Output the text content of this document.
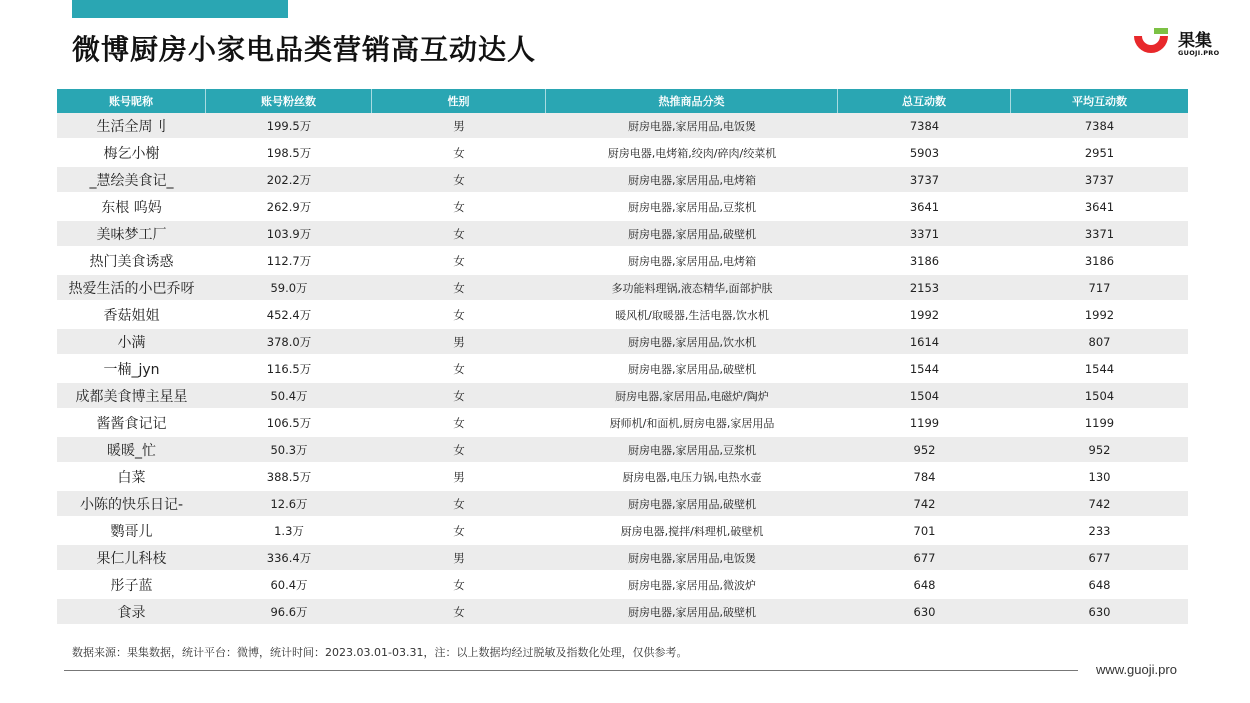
微博厨房小家电品类营销高互动达人	果集
GUOJI.PRO
账号昵称	账号粉丝数	性别	热推商品分类	总互动数	平均互动数
生活全周刂	199.5万	男	厨房电器,家居用品,电饭煲	7384	7384
梅乞小榭	198.5万	女	厨房电器,电烤箱,绞肉/碎肉/绞菜机	5903	2951
_慧绘美食记_	202.2万	女	厨房电器,家居用品,电烤箱	3737	3737
东根 呜妈	262.9万	女	厨房电器,家居用品,豆浆机	3641	3641
美味梦工厂	103.9万	女	厨房电器,家居用品,破壁机	3371	3371
热门美食诱惑	112.7万	女	厨房电器,家居用品,电烤箱	3186	3186
热爱生活的小巴乔呀	59.0万	女	多功能料理锅,液态精华,面部护肤	2153	717
香菇姐姐	452.4万	女	暖风机/取暖器,生活电器,饮水机	1992	1992
小满	378.0万	男	厨房电器,家居用品,饮水机	1614	807
一楠_jyn	116.5万	女	厨房电器,家居用品,破壁机	1544	1544
成都美食博主星星	50.4万	女	厨房电器,家居用品,电磁炉/陶炉	1504	1504
酱酱食记记	106.5万	女	厨师机/和面机,厨房电器,家居用品	1199	1199
暖暖_忙	50.3万	女	厨房电器,家居用品,豆浆机	952	952
白菜	388.5万	男	厨房电器,电压力锅,电热水壶	784	130
小陈的快乐日记-	12.6万	女	厨房电器,家居用品,破壁机	742	742
鹦哥儿	1.3万	女	厨房电器,搅拌/料理机,破壁机	701	233
果仁儿科枝	336.4万	男	厨房电器,家居用品,电饭煲	677	677
彤子蓝	60.4万	女	厨房电器,家居用品,微波炉	648	648
食录	96.6万	女	厨房电器,家居用品,破壁机	630	630
数据来源：果集数据，统计平台：微博，统计时间：2023.03.01-03.31，注：以上数据均经过脱敏及指数化处理，仅供参考。
www.guoji.pro
